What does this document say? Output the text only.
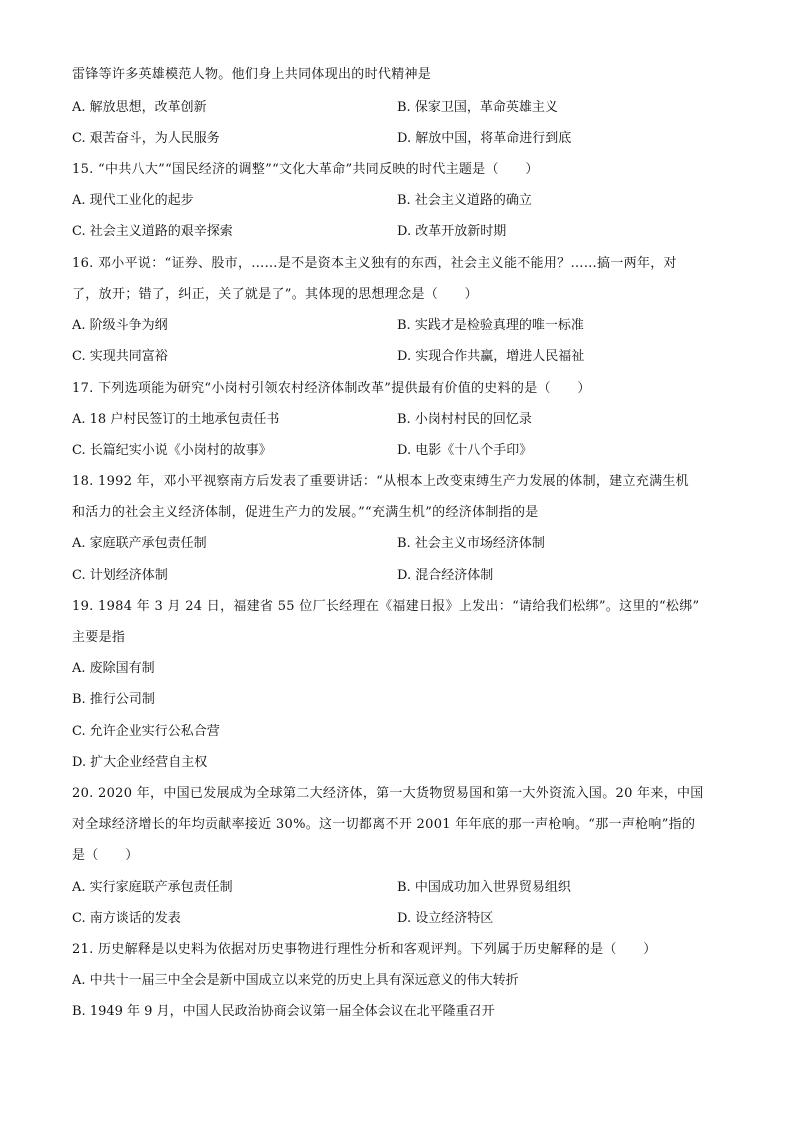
雷锋等许多英雄模范人物。他们身上共同体现出的时代精神是
A. 解放思想，改革创新	B. 保家卫国，革命英雄主义
C. 艰苦奋斗，为人民服务	D. 解放中国，将革命进行到底
15. “中共八大”“国民经济的调整”“文化大革命”共同反映的时代主题是（　　）
A. 现代工业化的起步	B. 社会主义道路的确立
C. 社会主义道路的艰辛探索	D. 改革开放新时期
16. 邓小平说：“证券、股市，……是不是资本主义独有的东西，社会主义能不能用？……搞一两年，对
了，放开；错了，纠正，关了就是了”。其体现的思想理念是（　　）
A. 阶级斗争为纲	B. 实践才是检验真理的唯一标准
C. 实现共同富裕	D. 实现合作共赢，增进人民福祉
17. 下列选项能为研究“小岗村引领农村经济体制改革”提供最有价值的史料的是（　　）
A. 18 户村民签订的土地承包责任书	B. 小岗村村民的回忆录
C. 长篇纪实小说《小岗村的故事》	D. 电影《十八个手印》
18. 1992 年，邓小平视察南方后发表了重要讲话：“从根本上改变束缚生产力发展的体制，建立充满生机
和活力的社会主义经济体制，促进生产力的发展。”“充满生机”的经济体制指的是
A. 家庭联产承包责任制	B. 社会主义市场经济体制
C. 计划经济体制	D. 混合经济体制
19. 1984 年 3 月 24 日，福建省 55 位厂长经理在《福建日报》上发出：“请给我们松绑”。这里的“松绑”
主要是指
A. 废除国有制
B. 推行公司制
C. 允许企业实行公私合营
D. 扩大企业经营自主权
20. 2020 年，中国已发展成为全球第二大经济体，第一大货物贸易国和第一大外资流入国。20 年来，中国
对全球经济增长的年均贡献率接近 30%。这一切都离不开 2001 年年底的那一声枪响。“那一声枪响”指的
是（　　）
A. 实行家庭联产承包责任制	B. 中国成功加入世界贸易组织
C. 南方谈话的发表	D. 设立经济特区
21. 历史解释是以史料为依据对历史事物进行理性分析和客观评判。下列属于历史解释的是（　　）
A. 中共十一届三中全会是新中国成立以来党的历史上具有深远意义的伟大转折
B. 1949 年 9 月，中国人民政治协商会议第一届全体会议在北平隆重召开
